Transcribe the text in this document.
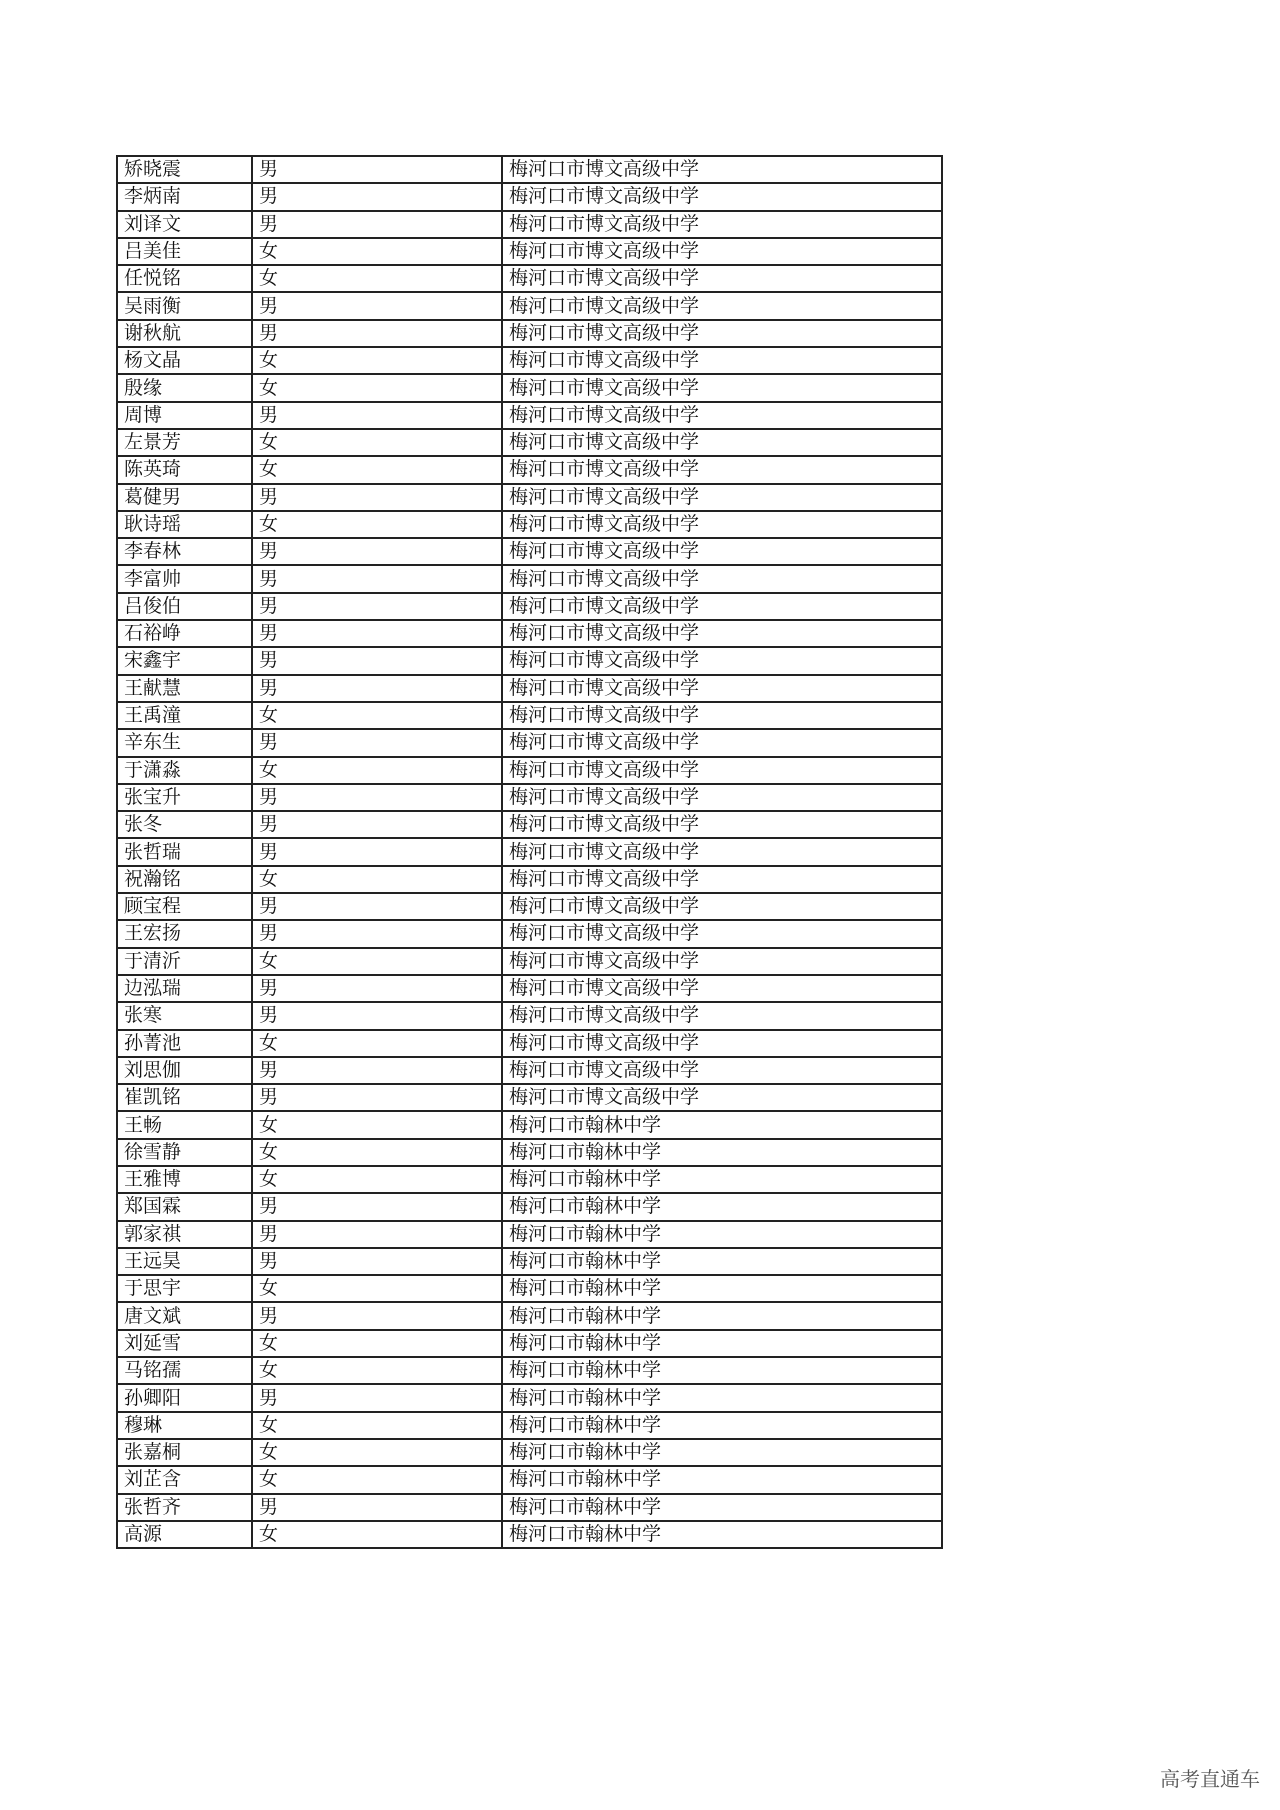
矫晓震	男	梅河口市博文高级中学
李炳南	男	梅河口市博文高级中学
刘译文	男	梅河口市博文高级中学
吕美佳	女	梅河口市博文高级中学
任悦铭	女	梅河口市博文高级中学
吴雨衡	男	梅河口市博文高级中学
谢秋航	男	梅河口市博文高级中学
杨文晶	女	梅河口市博文高级中学
殷缘	女	梅河口市博文高级中学
周博	男	梅河口市博文高级中学
左景芳	女	梅河口市博文高级中学
陈英琦	女	梅河口市博文高级中学
葛健男	男	梅河口市博文高级中学
耿诗瑶	女	梅河口市博文高级中学
李春林	男	梅河口市博文高级中学
李富帅	男	梅河口市博文高级中学
吕俊伯	男	梅河口市博文高级中学
石裕峥	男	梅河口市博文高级中学
宋鑫宇	男	梅河口市博文高级中学
王献慧	男	梅河口市博文高级中学
王禹潼	女	梅河口市博文高级中学
辛东生	男	梅河口市博文高级中学
于潇淼	女	梅河口市博文高级中学
张宝升	男	梅河口市博文高级中学
张冬	男	梅河口市博文高级中学
张哲瑞	男	梅河口市博文高级中学
祝瀚铭	女	梅河口市博文高级中学
顾宝程	男	梅河口市博文高级中学
王宏扬	男	梅河口市博文高级中学
于清沂	女	梅河口市博文高级中学
边泓瑞	男	梅河口市博文高级中学
张寒	男	梅河口市博文高级中学
孙菁池	女	梅河口市博文高级中学
刘思伽	男	梅河口市博文高级中学
崔凯铭	男	梅河口市博文高级中学
王畅	女	梅河口市翰林中学
徐雪静	女	梅河口市翰林中学
王雅博	女	梅河口市翰林中学
郑国霖	男	梅河口市翰林中学
郭家祺	男	梅河口市翰林中学
王远昊	男	梅河口市翰林中学
于思宇	女	梅河口市翰林中学
唐文斌	男	梅河口市翰林中学
刘延雪	女	梅河口市翰林中学
马铭孺	女	梅河口市翰林中学
孙卿阳	男	梅河口市翰林中学
穆琳	女	梅河口市翰林中学
张嘉桐	女	梅河口市翰林中学
刘芷含	女	梅河口市翰林中学
张哲齐	男	梅河口市翰林中学
高源	女	梅河口市翰林中学
高考直通车
